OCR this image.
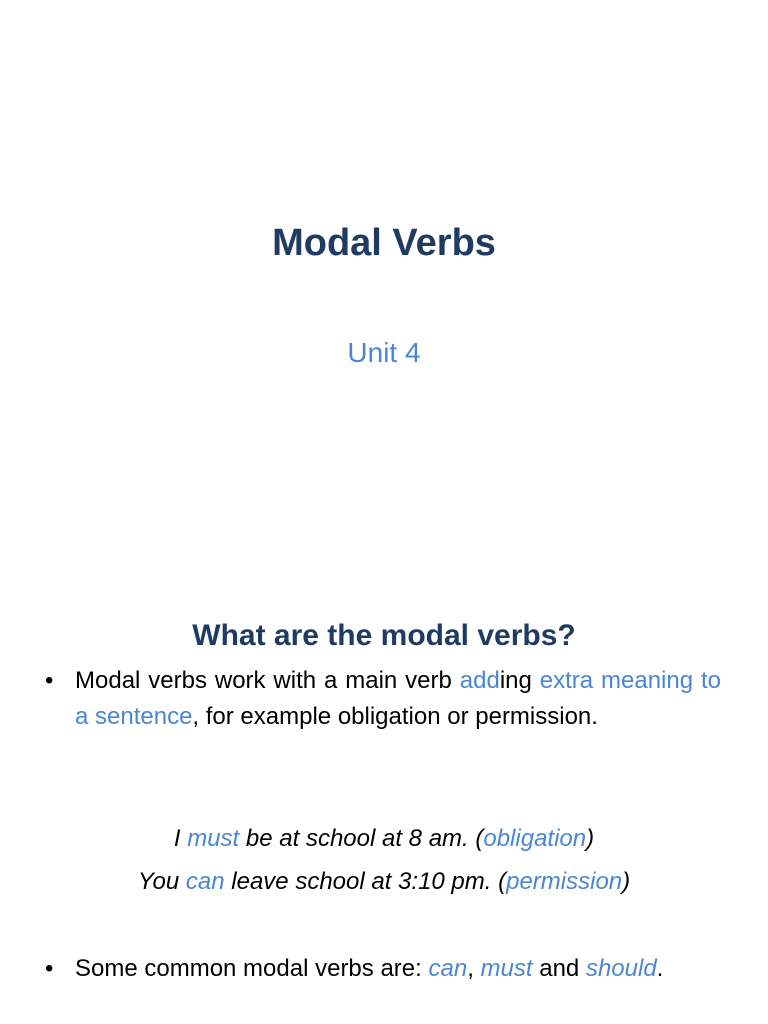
Modal Verbs
Unit 4
What are the modal verbs?
• Modal verbs work with a main verb adding extra meaning to a sentence, for example obligation or permission.
I must be at school at 8 am. (obligation)
You can leave school at 3:10 pm. (permission)
• Some common modal verbs are: can, must and should.
